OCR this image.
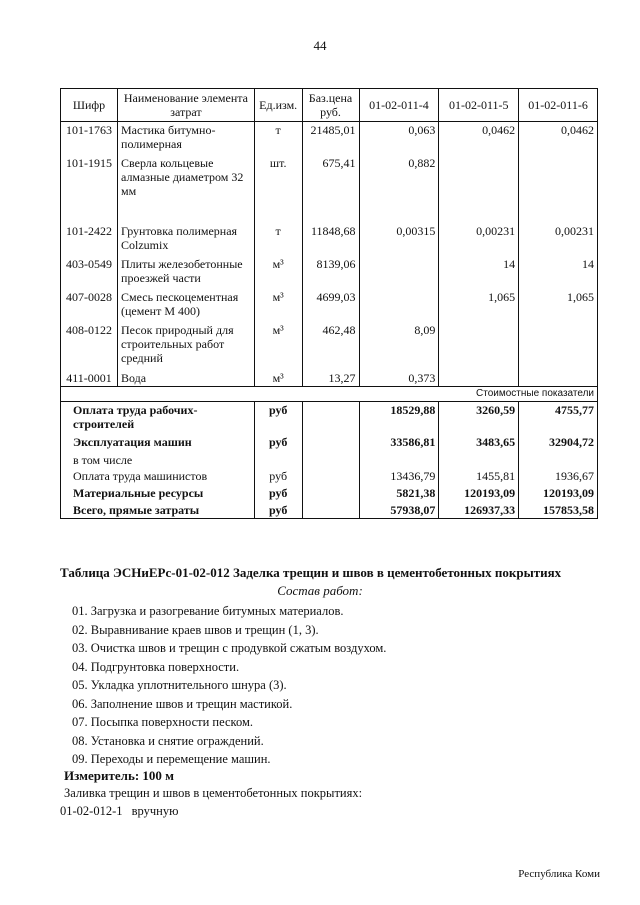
44
Шифр	Наименование элемента затрат	Ед.изм.	Баз.цена руб.	01-02-011-4	01-02-011-5	01-02-011-6
101-1763	Мастика битумно-полимерная	т	21485,01	0,063	0,0462	0,0462
101-1915	Сверла кольцевые алмазные диаметром 32 мм	шт.	675,41	0,882		
101-2422	Грунтовка полимерная Colzumix	т	11848,68	0,00315	0,00231	0,00231
403-0549	Плиты железобетонные проезжей части	м³	8139,06		14	14
407-0028	Смесь пескоцементная (цемент М 400)	м³	4699,03		1,065	1,065
408-0122	Песок природный для строительных работ средний	м³	462,48	8,09		
411-0001	Вода	м³	13,27	0,373		
Стоимостные показатели						
Оплата труда рабочих-строителей		руб		18529,88	3260,59	4755,77
Эксплуатация машин		руб		33586,81	3483,65	32904,72
в том числе						
Оплата труда машинистов		руб		13436,79	1455,81	1936,67
Материальные ресурсы		руб		5821,38	120193,09	120193,09
Всего, прямые затраты		руб		57938,07	126937,33	157853,58
Таблица ЭСНиЕРс-01-02-012 Заделка трещин и швов в цементобетонных покрытиях
Состав работ:
01. Загрузка и разогревание битумных материалов.
02. Выравнивание краев швов и трещин (1, 3).
03. Очистка швов и трещин с продувкой сжатым воздухом.
04. Подгрунтовка поверхности.
05. Укладка уплотнительного шнура (3).
06. Заполнение швов и трещин мастикой.
07. Посыпка поверхности песком.
08. Установка и снятие ограждений.
09. Переходы и перемещение машин.
Измеритель: 100 м
Заливка трещин и швов в цементобетонных покрытиях:
01-02-012-1 вручную
Республика Коми
